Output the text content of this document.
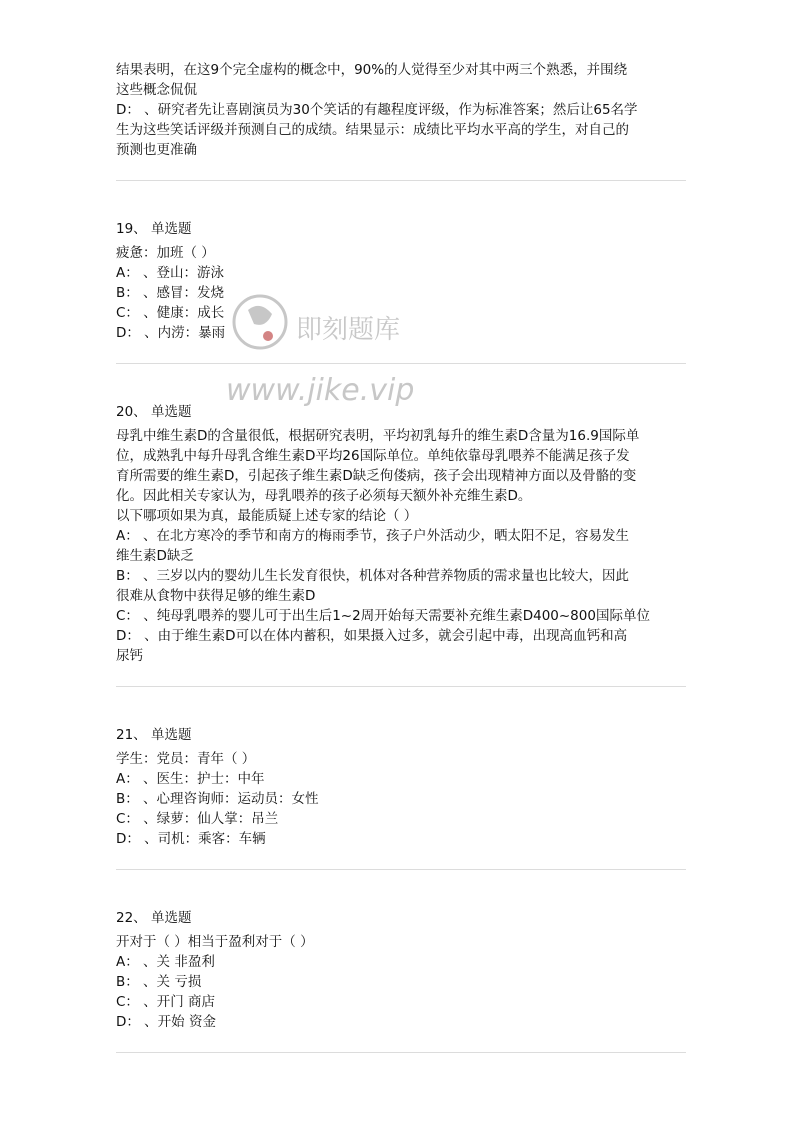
结果表明，在这9个完全虚构的概念中，90%的人觉得至少对其中两三个熟悉，并围绕
这些概念侃侃
D： 、研究者先让喜剧演员为30个笑话的有趣程度评级，作为标准答案；然后让65名学
生为这些笑话评级并预测自己的成绩。结果显示：成绩比平均水平高的学生，对自己的
预测也更准确
19、 单选题
疲惫：加班（ ）
A： 、登山：游泳
B： 、感冒：发烧
C： 、健康：成长
D： 、内涝：暴雨
20、 单选题
母乳中维生素D的含量很低，根据研究表明，平均初乳每升的维生素D含量为16.9国际单
位，成熟乳中每升母乳含维生素D平均26国际单位。单纯依靠母乳喂养不能满足孩子发
育所需要的维生素D，引起孩子维生素D缺乏佝偻病，孩子会出现精神方面以及骨骼的变
化。因此相关专家认为，母乳喂养的孩子必须每天额外补充维生素D。
以下哪项如果为真，最能质疑上述专家的结论（ ）
A： 、在北方寒冷的季节和南方的梅雨季节，孩子户外活动少，晒太阳不足，容易发生
维生素D缺乏
B： 、三岁以内的婴幼儿生长发育很快，机体对各种营养物质的需求量也比较大，因此
很难从食物中获得足够的维生素D
C： 、纯母乳喂养的婴儿可于出生后1~2周开始每天需要补充维生素D400~800国际单位
D： 、由于维生素D可以在体内蓄积，如果摄入过多，就会引起中毒，出现高血钙和高
尿钙
21、 单选题
学生：党员：青年（ ）
A： 、医生：护士：中年
B： 、心理咨询师：运动员：女性
C： 、绿萝：仙人掌：吊兰
D： 、司机：乘客：车辆
22、 单选题
开对于（ ）相当于盈利对于（ ）
A： 、关 非盈利
B： 、关 亏损
C： 、开门 商店
D： 、开始 资金
即刻题库
www.jike.vip
